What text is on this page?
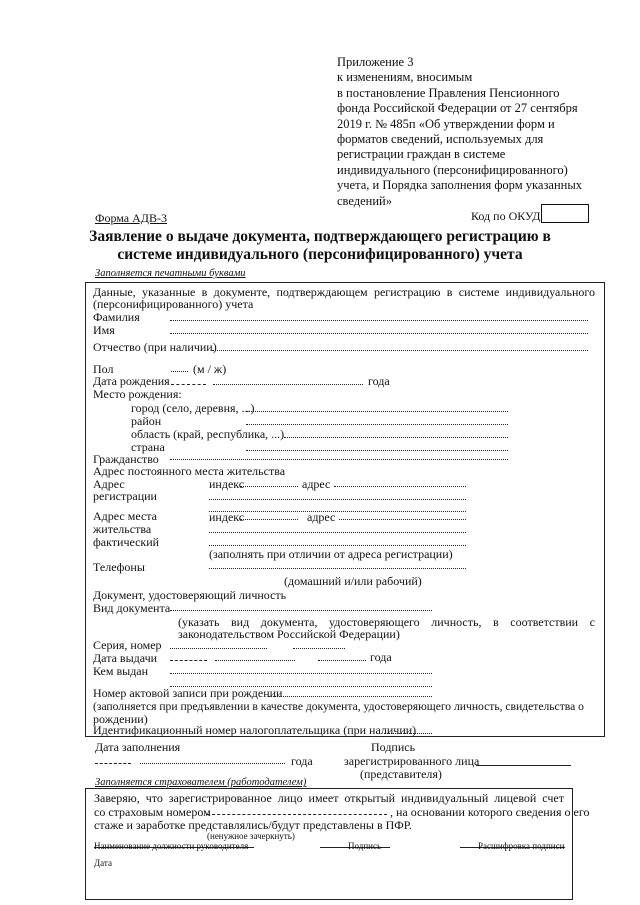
Приложение 3
к изменениям, вносимым
в постановление Правления Пенсионного
фонда Российской Федерации от 27 сентября
2019 г. № 485п «Об утверждении форм и
форматов сведений, используемых для
регистрации граждан в системе
индивидуального (персонифицированного)
учета, и Порядка заполнения форм указанных
сведений»
Форма АДВ-3	Код по ОКУД
Заявление о выдаче документа, подтверждающего регистрацию в
системе индивидуального (персонифицированного) учета
Заполняется печатными буквами
Данные, указанные в документе, подтверждающем регистрацию в системе индивидуального
(персонифицированного) учета
Фамилия
Имя
Отчество (при наличии)
Пол	(м / ж)
Дата рождения	года
Место рождения:
город (село, деревня, ...)
район
область (край, республика, ...)
страна
Гражданство
Адрес постоянного места жительства
Адрес
регистрации
индекс	адрес
Адрес места
жительства
фактический
индекс	адрес
(заполнять при отличии от адреса регистрации)
Телефоны
(домашний и/или рабочий)
Документ, удостоверяющий личность
Вид документа
(указать вид документа, удостоверяющего личность, в соответствии с
законодательством Российской Федерации)
Серия, номер
Дата выдачи	года
Кем выдан
Номер актовой записи при рождении
(заполняется при предъявлении в качестве документа, удостоверяющего личность, свидетельства о
рождении)
Идентификационный номер налогоплательщика (при наличии)
Дата заполнения
года
Подпись
зарегистрированного лица
(представителя)
Заполняется страхователем (работодателем)
Заверяю, что зарегистрированное лицо имеет открытый индивидуальный лицевой счет
со страховым номером	, на основании которого сведения о его
стаже и заработке представлялись/будут представлены в ПФР.
(ненужное зачеркнуть)
Наименование должности руководителя	Подпись	Расшифровка подписи
Дата
